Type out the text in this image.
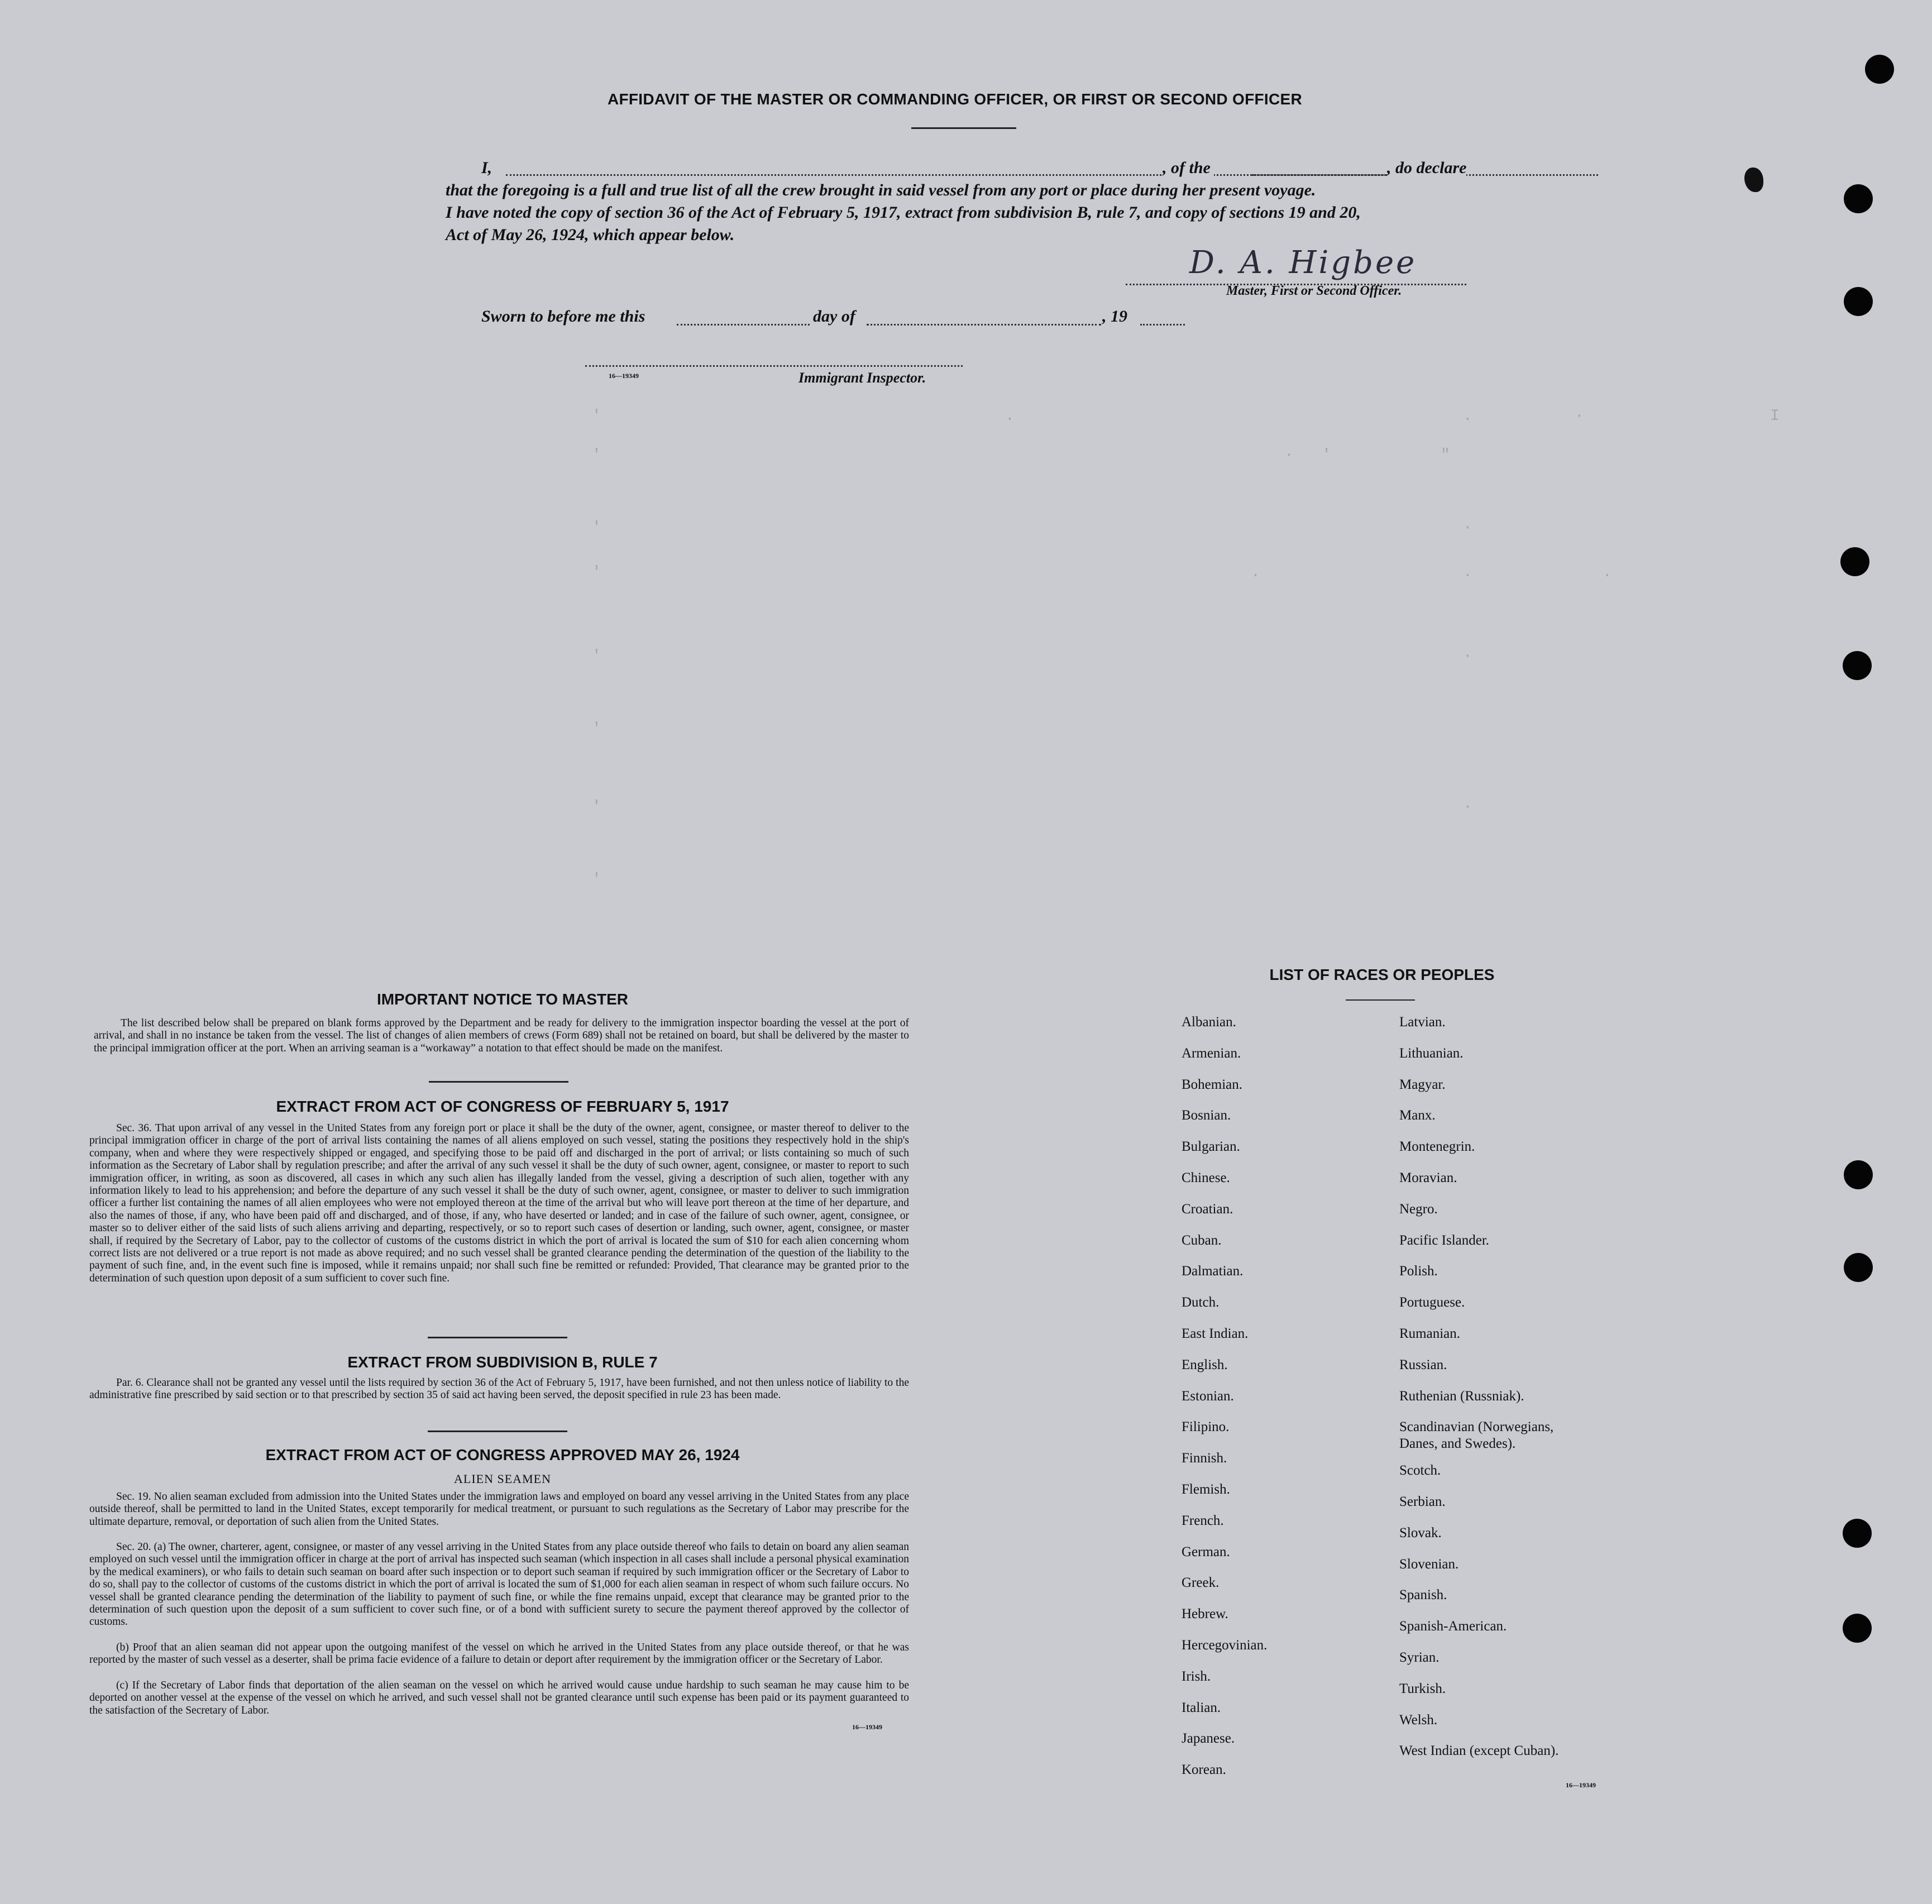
'	.	.	·	I
'	·   '	"
'	·
'	.	.	.
'	·
'
'	·
'
AFFIDAVIT OF THE MASTER OR COMMANDING OFFICER, OR FIRST OR SECOND OFFICER
I,	, of the	, do declare
that the foregoing is a full and true list of all the crew brought in said vessel from any port or place during her present voyage.
I have noted the copy of section 36 of the Act of February 5, 1917, extract from subdivision B, rule 7, and copy of sections 19 and 20,
Act of May 26, 1924, which appear below.
D. A. Higbee
Master, First or Second Officer.
Sworn to before me this	day of	, 19
16—19349	Immigrant Inspector.
IMPORTANT NOTICE TO MASTER
The list described below shall be prepared on blank forms approved by the Department and be ready for delivery to the immigration inspector boarding the vessel at the port of arrival, and shall in no instance be taken from the vessel. The list of changes of alien members of crews (Form 689) shall not be retained on board, but shall be delivered by the master to the principal immigration officer at the port. When an arriving seaman is a “workaway” a notation to that effect should be made on the manifest.
EXTRACT FROM ACT OF CONGRESS OF FEBRUARY 5, 1917
Sec. 36. That upon arrival of any vessel in the United States from any foreign port or place it shall be the duty of the owner, agent, consignee, or master thereof to deliver to the principal immigration officer in charge of the port of arrival lists containing the names of all aliens employed on such vessel, stating the positions they respectively hold in the ship's company, when and where they were respectively shipped or engaged, and specifying those to be paid off and discharged in the port of arrival; or lists containing so much of such information as the Secretary of Labor shall by regulation prescribe; and after the arrival of any such vessel it shall be the duty of such owner, agent, consignee, or master to report to such immigration officer, in writing, as soon as discovered, all cases in which any such alien has illegally landed from the vessel, giving a description of such alien, together with any information likely to lead to his apprehension; and before the departure of any such vessel it shall be the duty of such owner, agent, consignee, or master to deliver to such immigration officer a further list containing the names of all alien employees who were not employed thereon at the time of the arrival but who will leave port thereon at the time of her departure, and also the names of those, if any, who have been paid off and discharged, and of those, if any, who have deserted or landed; and in case of the failure of such owner, agent, consignee, or master so to deliver either of the said lists of such aliens arriving and departing, respectively, or so to report such cases of desertion or landing, such owner, agent, consignee, or master shall, if required by the Secretary of Labor, pay to the collector of customs of the customs district in which the port of arrival is located the sum of $10 for each alien concerning whom correct lists are not delivered or a true report is not made as above required; and no such vessel shall be granted clearance pending the determination of the question of the liability to the payment of such fine, and, in the event such fine is imposed, while it remains unpaid; nor shall such fine be remitted or refunded: Provided, That clearance may be granted prior to the determination of such question upon deposit of a sum sufficient to cover such fine.
EXTRACT FROM SUBDIVISION B, RULE 7
Par. 6. Clearance shall not be granted any vessel until the lists required by section 36 of the Act of February 5, 1917, have been furnished, and not then unless notice of liability to the administrative fine prescribed by said section or to that prescribed by section 35 of said act having been served, the deposit specified in rule 23 has been made.
EXTRACT FROM ACT OF CONGRESS APPROVED MAY 26, 1924
ALIEN SEAMEN
Sec. 19. No alien seaman excluded from admission into the United States under the immigration laws and employed on board any vessel arriving in the United States from any place outside thereof, shall be permitted to land in the United States, except temporarily for medical treatment, or pursuant to such regulations as the Secretary of Labor may prescribe for the ultimate departure, removal, or deportation of such alien from the United States.
Sec. 20. (a) The owner, charterer, agent, consignee, or master of any vessel arriving in the United States from any place outside thereof who fails to detain on board any alien seaman employed on such vessel until the immigration officer in charge at the port of arrival has inspected such seaman (which inspection in all cases shall include a personal physical examination by the medical examiners), or who fails to detain such seaman on board after such inspection or to deport such seaman if required by such immigration officer or the Secretary of Labor to do so, shall pay to the collector of customs of the customs district in which the port of arrival is located the sum of $1,000 for each alien seaman in respect of whom such failure occurs. No vessel shall be granted clearance pending the determination of the liability to payment of such fine, or while the fine remains unpaid, except that clearance may be granted prior to the determination of such question upon the deposit of a sum sufficient to cover such fine, or of a bond with sufficient surety to secure the payment thereof approved by the collector of customs.
(b) Proof that an alien seaman did not appear upon the outgoing manifest of the vessel on which he arrived in the United States from any place outside thereof, or that he was reported by the master of such vessel as a deserter, shall be prima facie evidence of a failure to detain or deport after requirement by the immigration officer or the Secretary of Labor.
(c) If the Secretary of Labor finds that deportation of the alien seaman on the vessel on which he arrived would cause undue hardship to such seaman he may cause him to be deported on another vessel at the expense of the vessel on which he arrived, and such vessel shall not be granted clearance until such expense has been paid or its payment guaranteed to the satisfaction of the Secretary of Labor.
16—19349
LIST OF RACES OR PEOPLES
Albanian.
Armenian.
Bohemian.
Bosnian.
Bulgarian.
Chinese.
Croatian.
Cuban.
Dalmatian.
Dutch.
East Indian.
English.
Estonian.
Filipino.
Finnish.
Flemish.
French.
German.
Greek.
Hebrew.
Hercegovinian.
Irish.
Italian.
Japanese.
Korean.
Latvian.
Lithuanian.
Magyar.
Manx.
Montenegrin.
Moravian.
Negro.
Pacific Islander.
Polish.
Portuguese.
Rumanian.
Russian.
Ruthenian (Russniak).
Scandinavian (Norwegians,
Danes, and Swedes).
Scotch.
Serbian.
Slovak.
Slovenian.
Spanish.
Spanish-American.
Syrian.
Turkish.
Welsh.
West Indian (except Cuban).
16—19349
